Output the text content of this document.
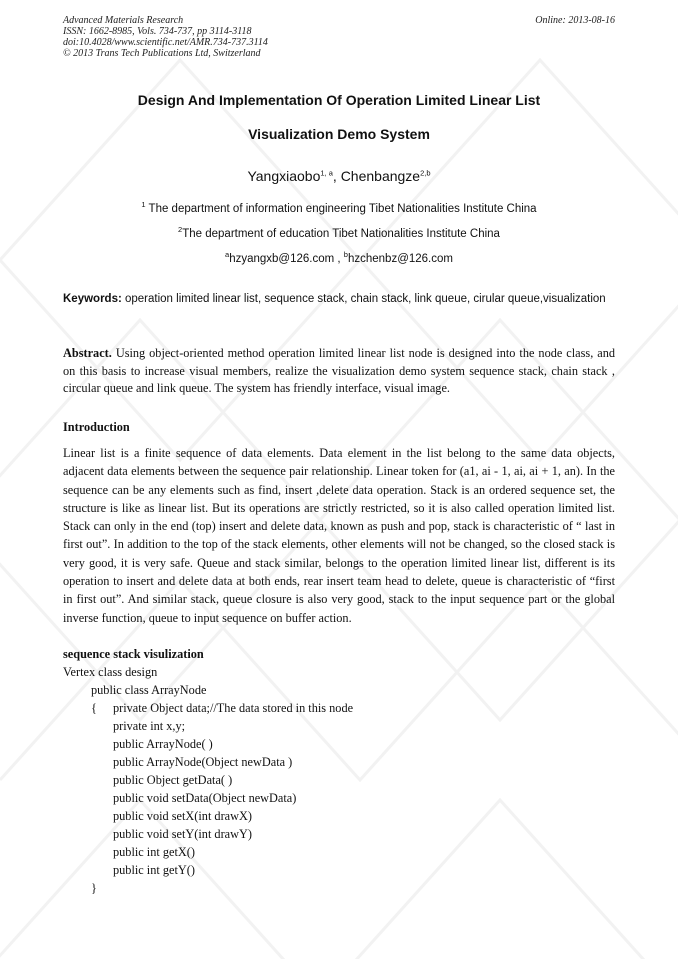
Advanced Materials Research
ISSN: 1662-8985, Vols. 734-737, pp 3114-3118
doi:10.4028/www.scientific.net/AMR.734-737.3114
© 2013 Trans Tech Publications Ltd, Switzerland
Online: 2013-08-16
Design And Implementation Of Operation Limited Linear List
Visualization Demo System
Yangxiaobo$^{1, a}$, Chenbangze$^{2,b}$
$^1$ The department of information engineering Tibet Nationalities Institute China
$^2$The department of education Tibet Nationalities Institute China
$^a$hzyangxb@126.com , $^b$hzchenbz@126.com
Keywords: operation limited linear list, sequence stack, chain stack, link queue, cirular queue,visualization
Abstract. Using object-oriented method operation limited linear list node is designed into the node class, and on this basis to increase visual members, realize the visualization demo system sequence stack, chain stack , circular queue and link queue. The system has friendly interface, visual image.
Introduction
Linear list is a finite sequence of data elements. Data element in the list belong to the same data objects, adjacent data elements between the sequence pair relationship. Linear token for (a1, ai - 1, ai, ai + 1, an). In the sequence can be any elements such as find, insert ,delete data operation. Stack is an ordered sequence set, the structure is like as linear list. But its operations are strictly restricted, so it is also called operation limited list. Stack can only in the end (top) insert and delete data, known as push and pop, stack is characteristic of “ last in first out”. In addition to the top of the stack elements, other elements will not be changed, so the closed stack is very good, it is very safe. Queue and stack similar, belongs to the operation limited linear list, different is its operation to insert and delete data at both ends, rear insert team head to delete, queue is characteristic of “first in first out”. And similar stack, queue closure is also very good, stack to the input sequence part or the global inverse function, queue to input sequence on buffer action.
sequence stack visulization
Vertex class design
public class ArrayNode
{ private Object data;//The data stored in this node
private int x,y;
public ArrayNode( )
public ArrayNode(Object newData )
public Object getData( )
public void setData(Object newData)
public void setX(int drawX)
public void setY(int drawY)
public int getX()
public int getY()
}
